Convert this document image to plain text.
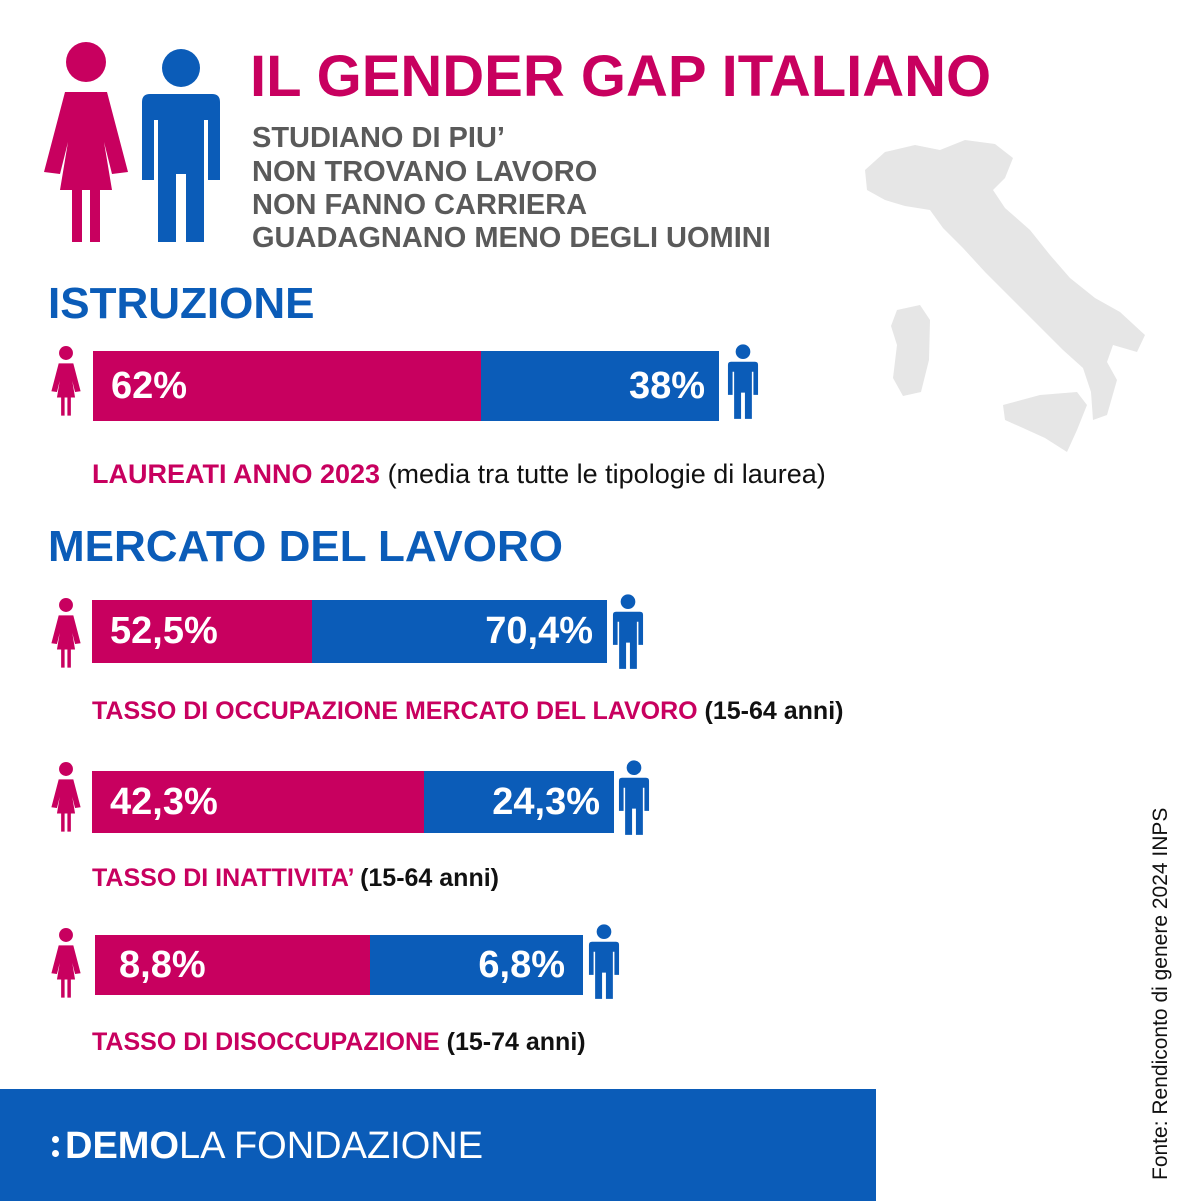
IL GENDER GAP ITALIANO
STUDIANO DI PIU’
NON TROVANO LAVORO
NON FANNO CARRIERA
GUADAGNANO MENO DEGLI UOMINI
ISTRUZIONE
MERCATO DEL LAVORO
62%	38%
LAUREATI ANNO 2023 (media tra tutte le tipologie di laurea)
52,5%	70,4%
TASSO DI OCCUPAZIONE MERCATO DEL LAVORO (15-64 anni)
42,3%	24,3%
TASSO DI INATTIVITA’ (15-64 anni)
8,8%	6,8%
TASSO DI DISOCCUPAZIONE (15-74 anni)
DEMO LA FONDAZIONE	Fonte: Rendiconto di genere 2024 INPS
